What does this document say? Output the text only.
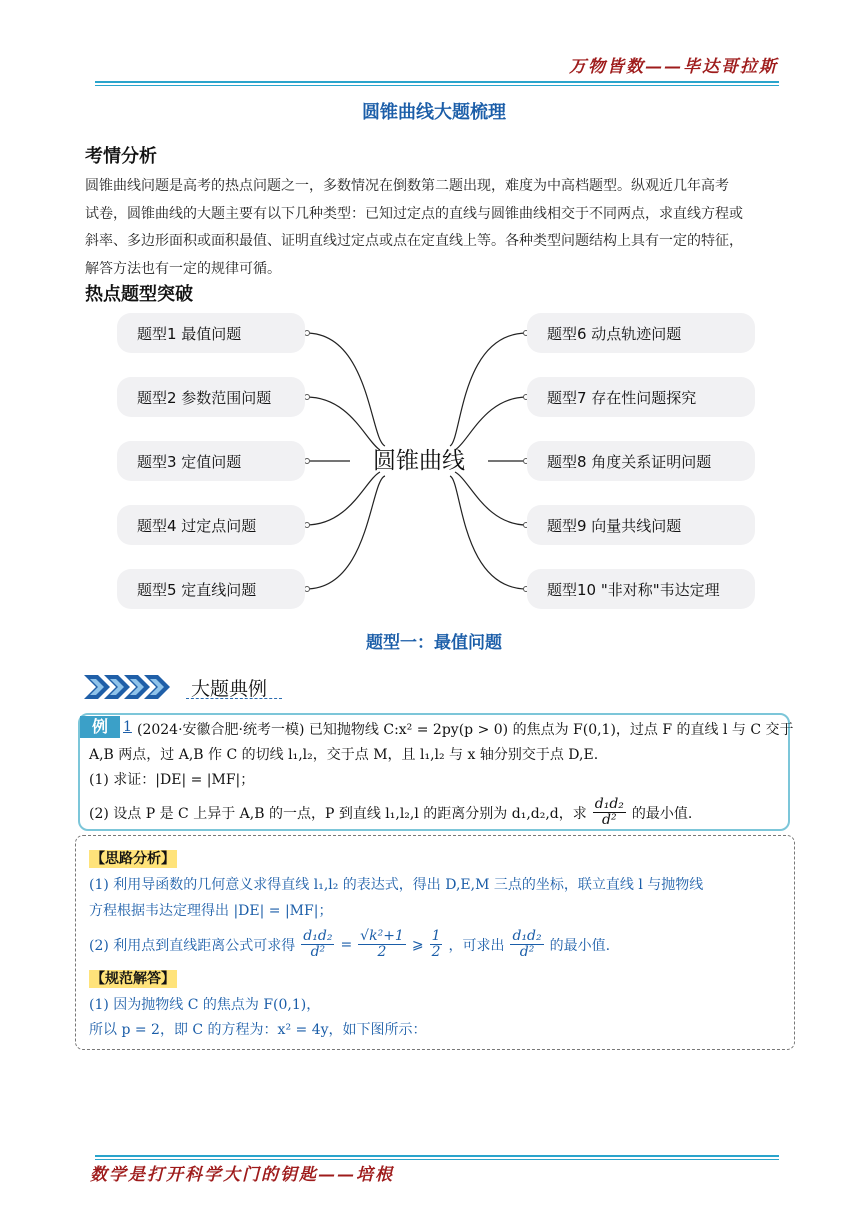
万物皆数——毕达哥拉斯
圆锥曲线大题梳理
考情分析
圆锥曲线问题是高考的热点问题之一，多数情况在倒数第二题出现，难度为中高档题型。纵观近几年高考
试卷，圆锥曲线的大题主要有以下几种类型：已知过定点的直线与圆锥曲线相交于不同两点，求直线方程或
斜率、多边形面积或面积最值、证明直线过定点或点在定直线上等。各种类型问题结构上具有一定的特征，
解答方法也有一定的规律可循。
热点题型突破
题型1 最值问题
题型2 参数范围问题
题型3 定值问题
题型4 过定点问题
题型5 定直线问题
圆锥曲线
题型6 动点轨迹问题
题型7 存在性问题探究
题型8 角度关系证明问题
题型9 向量共线问题
题型10 "非对称"韦达定理
题型一：最值问题
大题典例
例	1 (2024·安徽合肥·统考一模) 已知抛物线 C:x² = 2py(p > 0) 的焦点为 F(0,1)，过点 F 的直线 l 与 C 交于
A,B 两点，过 A,B 作 C 的切线 l₁,l₂，交于点 M，且 l₁,l₂ 与 x 轴分别交于点 D,E.
(1) 求证：|DE| = |MF|；
(2) 设点 P 是 C 上异于 A,B 的一点，P 到直线 l₁,l₂,l 的距离分别为 d₁,d₂,d，求 $\frac{\text{d₁d₂}}{\text{d²}}$ 的最小值.
【思路分析】
(1) 利用导函数的几何意义求得直线 l₁,l₂ 的表达式，得出 D,E,M 三点的坐标，联立直线 l 与抛物线
方程根据韦达定理得出 |DE| = |MF|；
(2) 利用点到直线距离公式可求得 $\frac{\text{d₁d₂}}{\text{d²}} = \frac{\text{√k²+1}}{2}$ ⩾ $\frac{1}{2}$ ，可求出 $\frac{\text{d₁d₂}}{\text{d²}}$ 的最小值.
【规范解答】
(1) 因为抛物线 C 的焦点为 F(0,1)，
所以 p = 2，即 C 的方程为：x² = 4y，如下图所示：
数学是打开科学大门的钥匙——培根
